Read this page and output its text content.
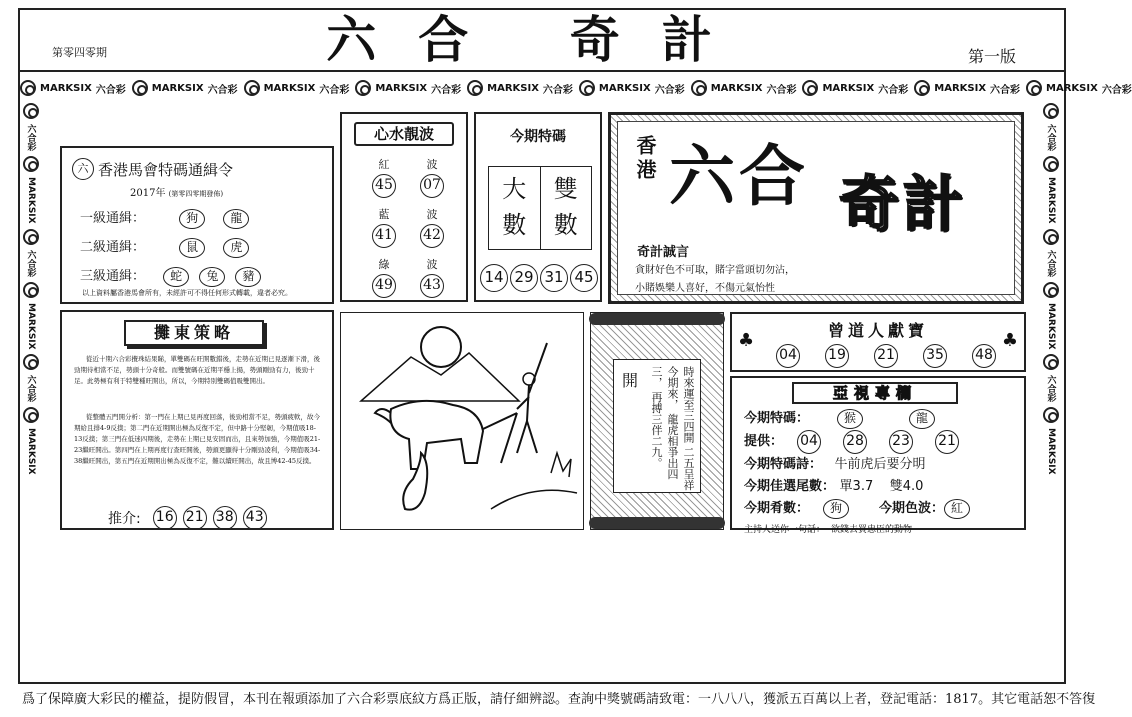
第零四零期	六合 奇計	第一版
MARKSIX 六合彩	MARKSIX 六合彩	MARKSIX 六合彩	MARKSIX 六合彩	MARKSIX 六合彩	MARKSIX 六合彩	MARKSIX 六合彩	MARKSIX 六合彩	MARKSIX 六合彩	MARKSIX 六合彩
六合彩
MARKSIX
六合彩
MARKSIX
六合彩
MARKSIX
六合彩
MARKSIX
六合彩
MARKSIX
六合彩
MARKSIX
六 香港馬會特碼通緝令
2017年 (第零四零期發佈)
一級通緝：	狗	龍
二級通緝：	鼠	虎
三級通緝： 蛇 兔 豬
以上資料屬香港馬會所有，未經許可不得任何形式轉載，違者必究。
心水靚波
紅	波
45 07
藍	波
41 42
綠	波
49 43
今期特碼
大
數
雙
數
14 29 31 45
香港 六合 奇計
奇計誠言
貪財好色不可取，賭字當頭切勿沾，
小賭娛樂人喜好，不傷元氣怡性
攤東策略
從近十期六合彩攪珠結果睇，單雙碼在旺開數錯後，走勢在近期已見逐漸下滑，後勁期待相當不足，勢頭十分奇般。而雙號碼在近期平穩上揚，勢頭剛勁有力，後勁十足。此勢極有利于特雙種旺開出，所以，今期特別雙碼值吸雙開出。
從整體五門開分析：第一門在上期已見再度回落，後勁相當不足，勢頭疲軟，故今期給且排4-9反撲；第二門在近期開出極為反復不定，但中路十分堅韌，今期值吸18-13反撲；第三門在低迷四期後，走勢在上期已見安固而出，且來勢加強，今期值吸21-23繼旺開出。第四門在上期再度行查旺開後，勢頭更顯得十分剛勁凌利，今期值吸34-38繼旺開出，第五門在近期開出極為反復不定，難以續旺開出，故且博42-45反撲。
推介: 16 21 38 43
開	時來運至三四開 二五呈祥今期來， 龍虎相爭出四三， 再搏三伴二九。
♣	♣
曾道人獻寶
04 19 21 35 48
亞視專欄
今期特碼：	猴	龍
提供： 04 28 23 21
今期特碼詩： 牛前虎后要分明
今期佳選尾數： 單3.7    雙4.0
今期肴數： 狗	今期色波： 紅
主持人送你一句話： 欲錢去買忠臣的動物
爲了保障廣大彩民的權益，提防假冒，本刊在報頭添加了六合彩票底紋方爲正版，請仔細辨認。查詢中獎號碼請致電：一八八八，獲派五百萬以上者，登記電話：1817。其它電話恕不答復
